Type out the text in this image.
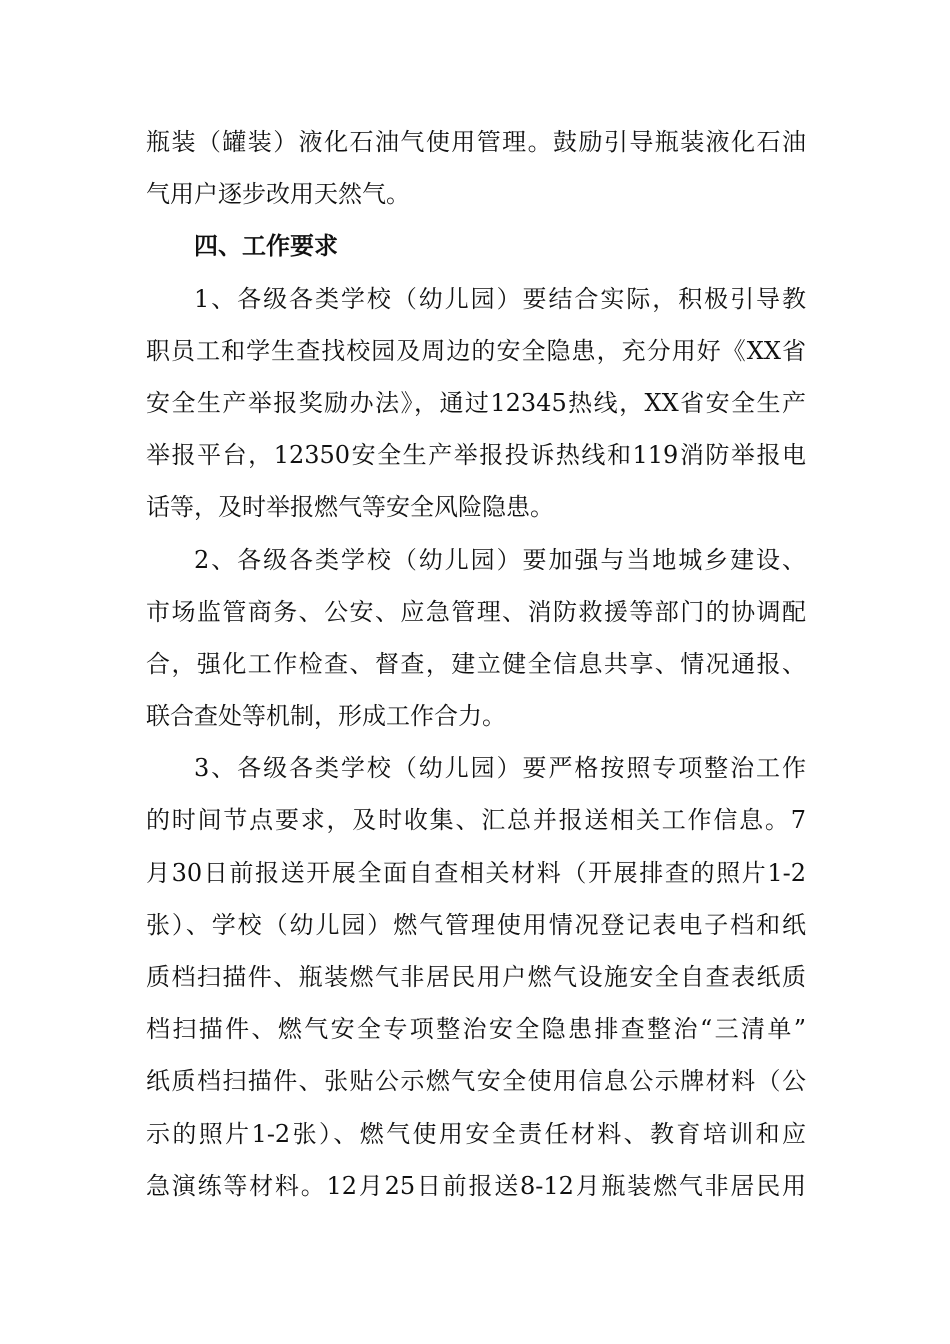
瓶装（罐装）液化石油气使用管理。鼓励引导瓶装液化石油
气用户逐步改用天然气。
四、工作要求
1、各级各类学校（幼儿园）要结合实际，积极引导教
职员工和学生查找校园及周边的安全隐患，充分用好《XX省
安全生产举报奖励办法》，通过12345热线，XX省安全生产
举报平台，12350安全生产举报投诉热线和119消防举报电
话等，及时举报燃气等安全风险隐患。
2、各级各类学校（幼儿园）要加强与当地城乡建设、
市场监管商务、公安、应急管理、消防救援等部门的协调配
合，强化工作检查、督查，建立健全信息共享、情况通报、
联合查处等机制，形成工作合力。
3、各级各类学校（幼儿园）要严格按照专项整治工作
的时间节点要求，及时收集、汇总并报送相关工作信息。7
月30日前报送开展全面自查相关材料（开展排查的照片1-2
张）、学校（幼儿园）燃气管理使用情况登记表电子档和纸
质档扫描件、瓶装燃气非居民用户燃气设施安全自查表纸质
档扫描件、燃气安全专项整治安全隐患排查整治“三清单”
纸质档扫描件、张贴公示燃气安全使用信息公示牌材料（公
示的照片1-2张）、燃气使用安全责任材料、教育培训和应
急演练等材料。12月25日前报送8-12月瓶装燃气非居民用
